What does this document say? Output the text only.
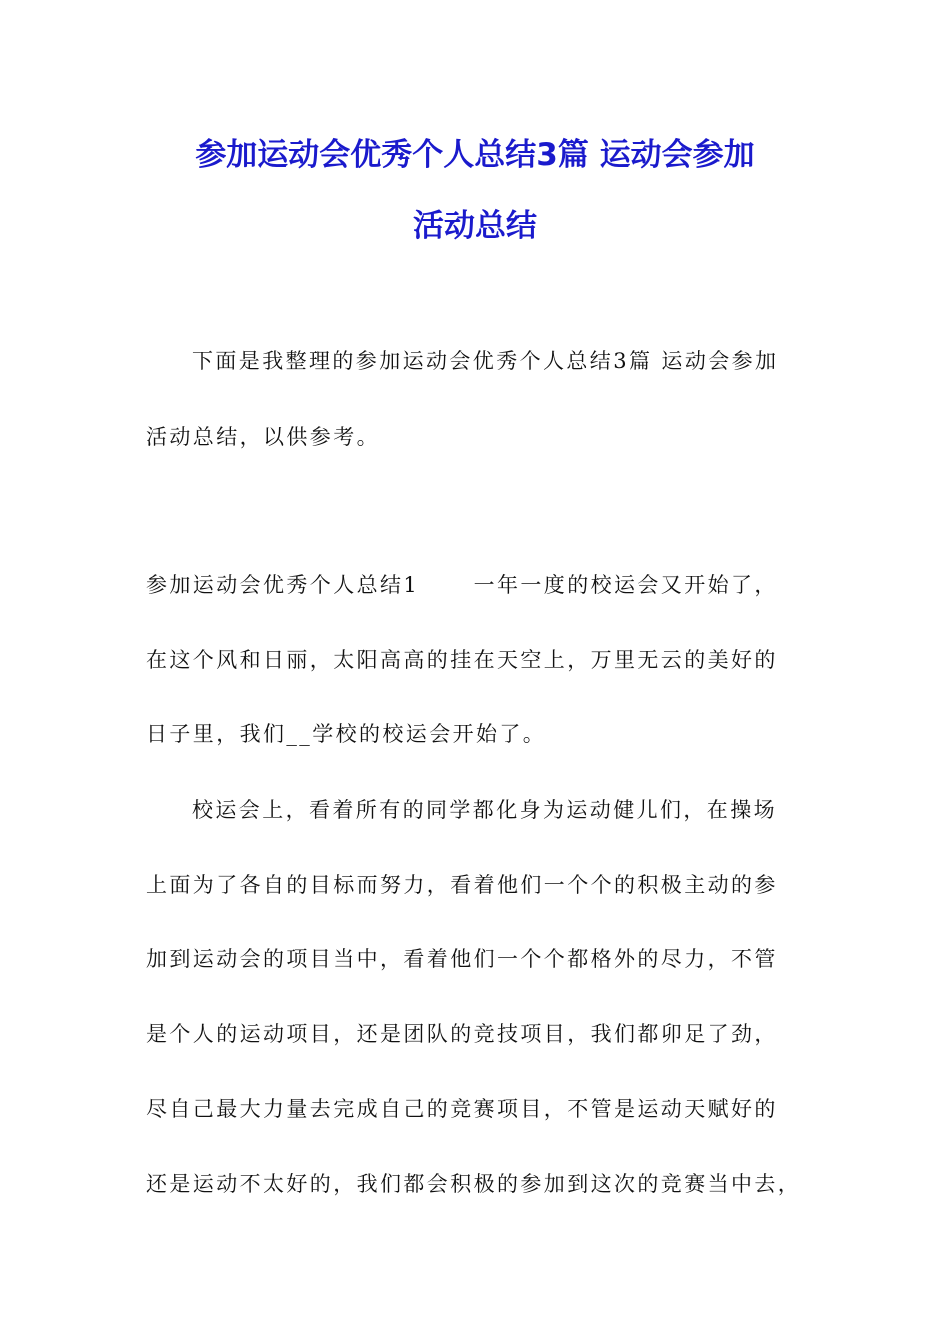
参加运动会优秀个人总结3篇 运动会参加
活动总结
下面是我整理的参加运动会优秀个人总结3篇 运动会参加
活动总结，以供参考。
参加运动会优秀个人总结1      一年一度的校运会又开始了，
在这个风和日丽，太阳高高的挂在天空上，万里无云的美好的
日子里，我们__学校的校运会开始了。
校运会上，看着所有的同学都化身为运动健儿们，在操场
上面为了各自的目标而努力，看着他们一个个的积极主动的参
加到运动会的项目当中，看着他们一个个都格外的尽力，不管
是个人的运动项目，还是团队的竞技项目，我们都卯足了劲，
尽自己最大力量去完成自己的竞赛项目，不管是运动天赋好的
还是运动不太好的，我们都会积极的参加到这次的竞赛当中去，
